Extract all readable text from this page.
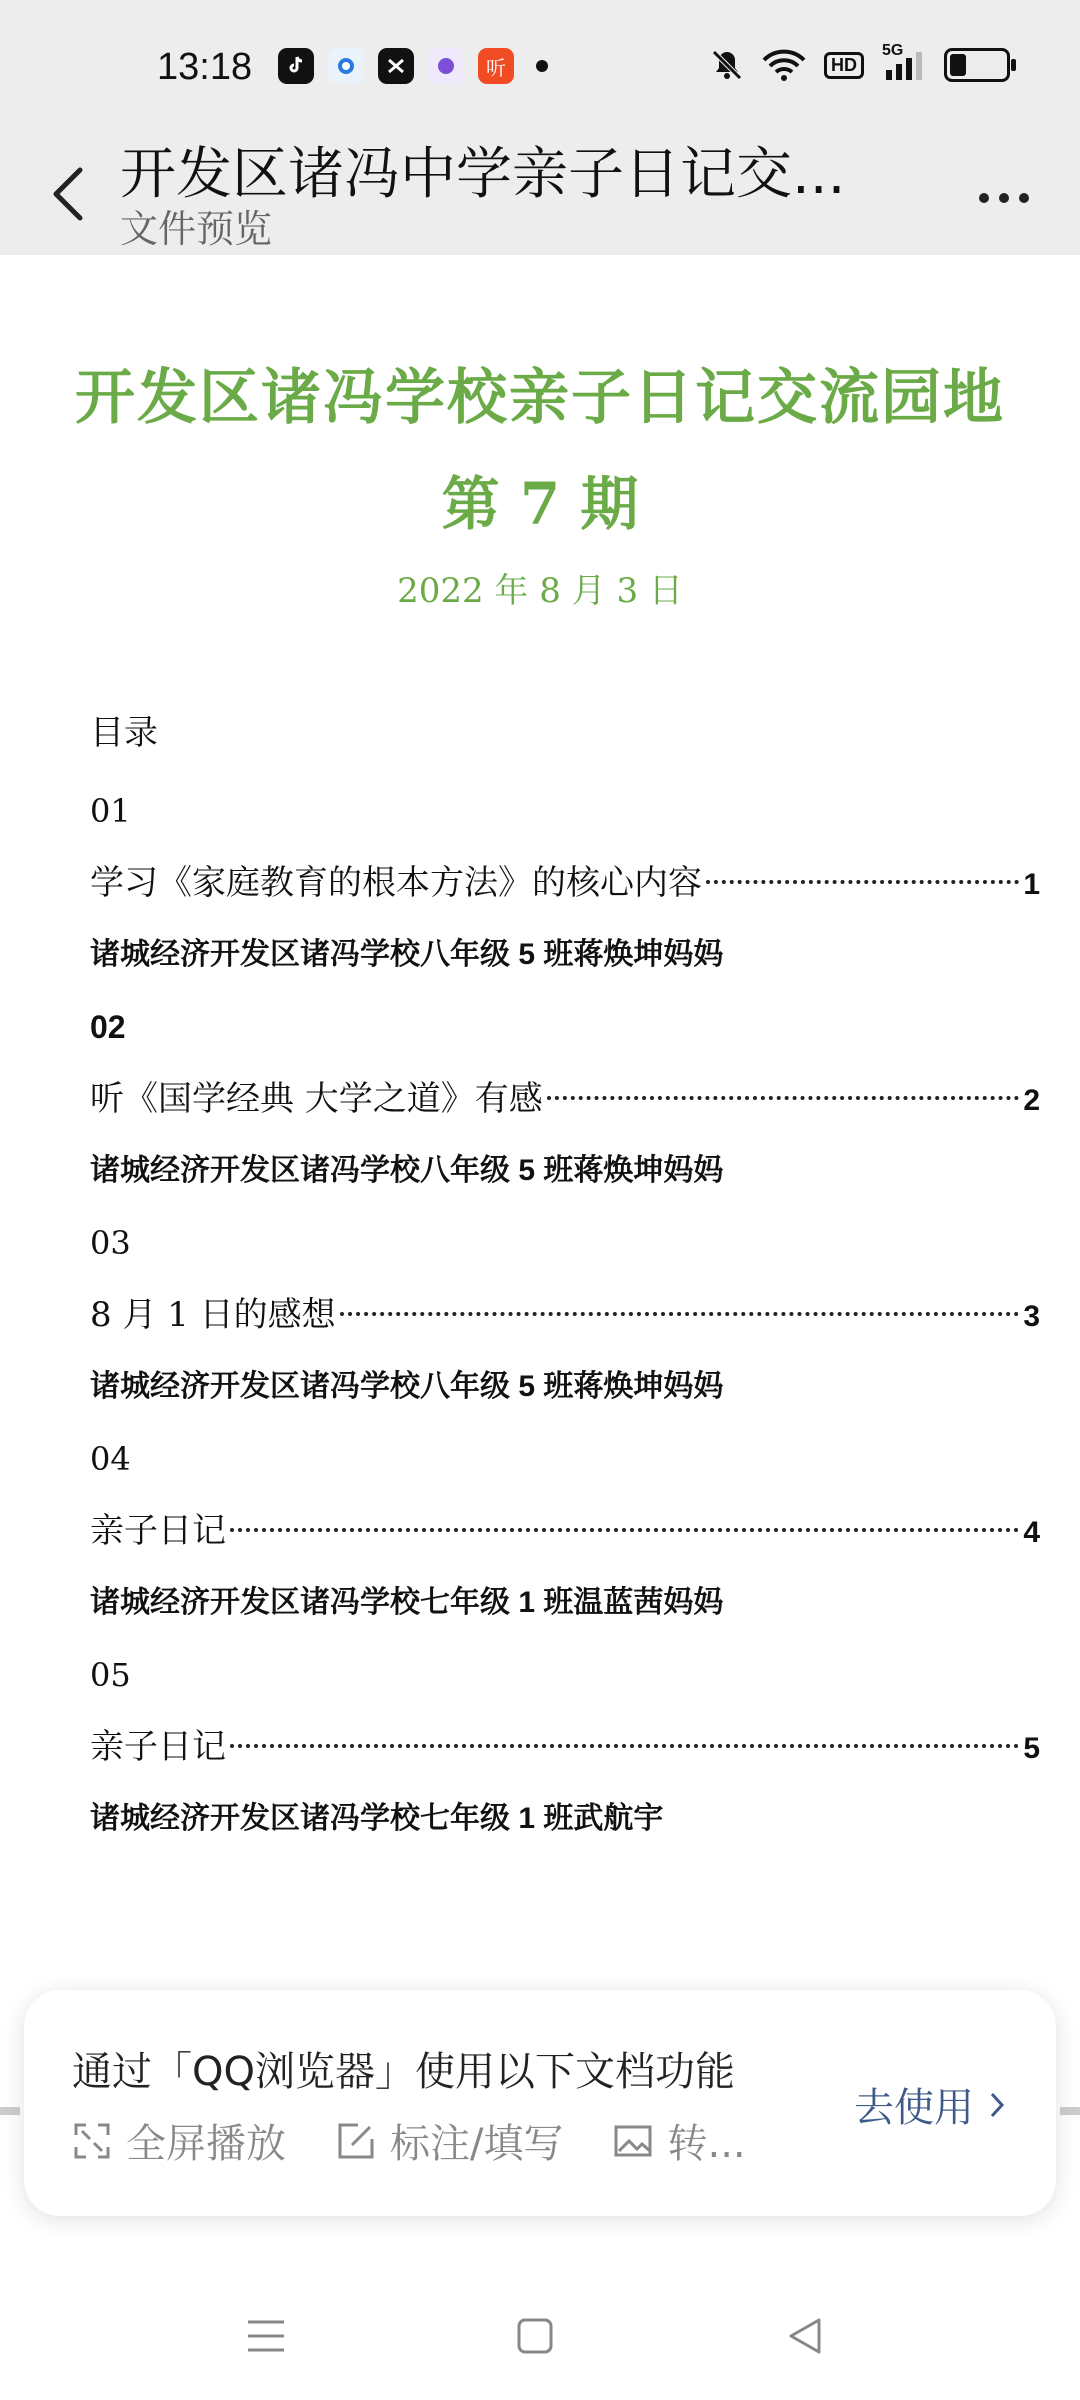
13:18	听	HD
5G
开发区诸冯中学亲子日记交...
文件预览
开发区诸冯学校亲子日记交流园地
第 7 期
2022 年 8 月 3 日
目录
01
学习《家庭教育的根本方法》的核心内容	1
诸城经济开发区诸冯学校八年级 5 班蒋焕坤妈妈
02
听《国学经典 大学之道》有感	2
诸城经济开发区诸冯学校八年级 5 班蒋焕坤妈妈
03
8 月 1 日的感想	3
诸城经济开发区诸冯学校八年级 5 班蒋焕坤妈妈
04
亲子日记	4
诸城经济开发区诸冯学校七年级 1 班温蓝茜妈妈
05
亲子日记	5
诸城经济开发区诸冯学校七年级 1 班武航宇
通过「QQ浏览器」使用以下文档功能
全屏播放	标注/填写	转...
去使用
